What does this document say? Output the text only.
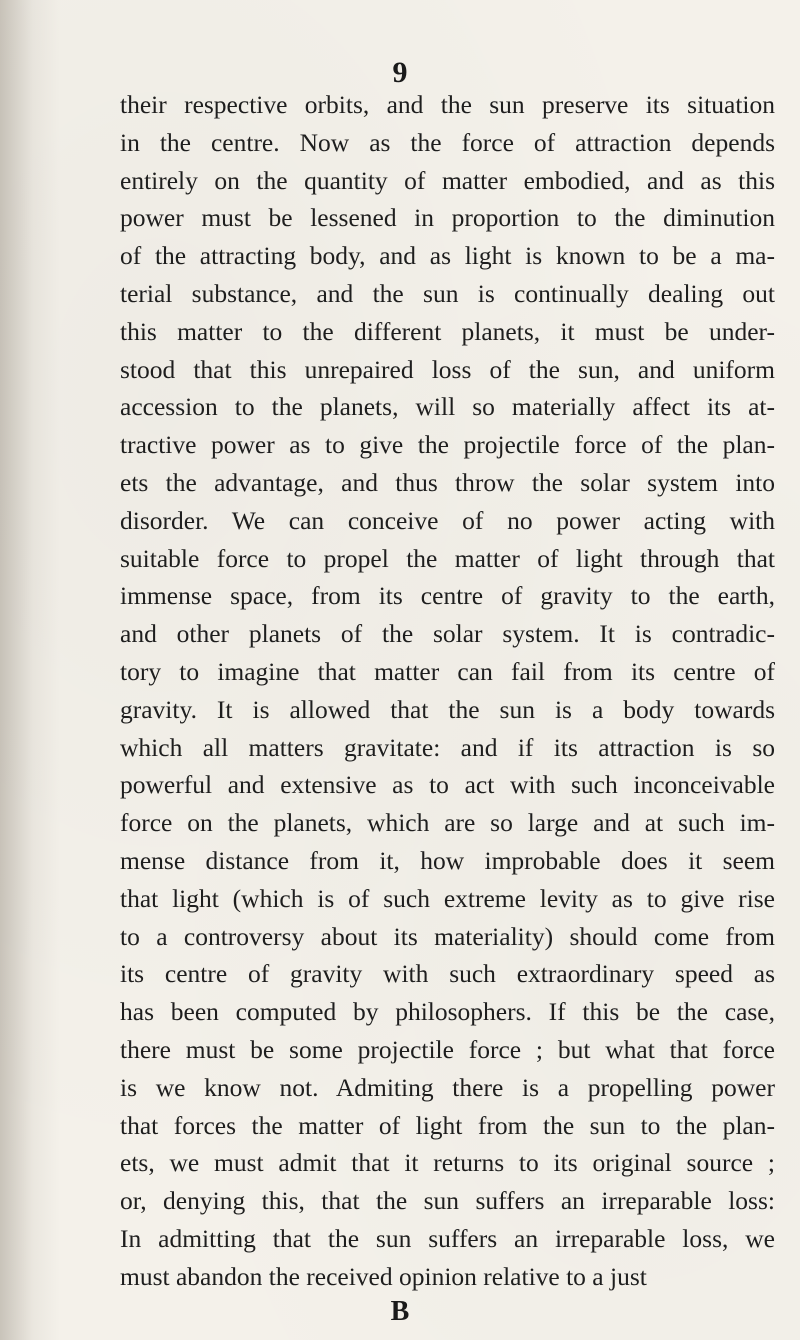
9
their respective orbits, and the sun preserve its situation
in the centre. Now as the force of attraction depends
entirely on the quantity of matter embodied, and as this
power must be lessened in proportion to the diminution
of the attracting body, and as light is known to be a ma-
terial substance, and the sun is continually dealing out
this matter to the different planets, it must be under-
stood that this unrepaired loss of the sun, and uniform
accession to the planets, will so materially affect its at-
tractive power as to give the projectile force of the plan-
ets the advantage, and thus throw the solar system into
disorder. We can conceive of no power acting with
suitable force to propel the matter of light through that
immense space, from its centre of gravity to the earth,
and other planets of the solar system. It is contradic-
tory to imagine that matter can fail from its centre of
gravity. It is allowed that the sun is a body towards
which all matters gravitate: and if its attraction is so
powerful and extensive as to act with such inconceivable
force on the planets, which are so large and at such im-
mense distance from it, how improbable does it seem
that light (which is of such extreme levity as to give rise
to a controversy about its materiality) should come from
its centre of gravity with such extraordinary speed as
has been computed by philosophers. If this be the case,
there must be some projectile force ; but what that force
is we know not. Admiting there is a propelling power
that forces the matter of light from the sun to the plan-
ets, we must admit that it returns to its original source ;
or, denying this, that the sun suffers an irreparable loss:
In admitting that the sun suffers an irreparable loss, we
must abandon the received opinion relative to a just
B
